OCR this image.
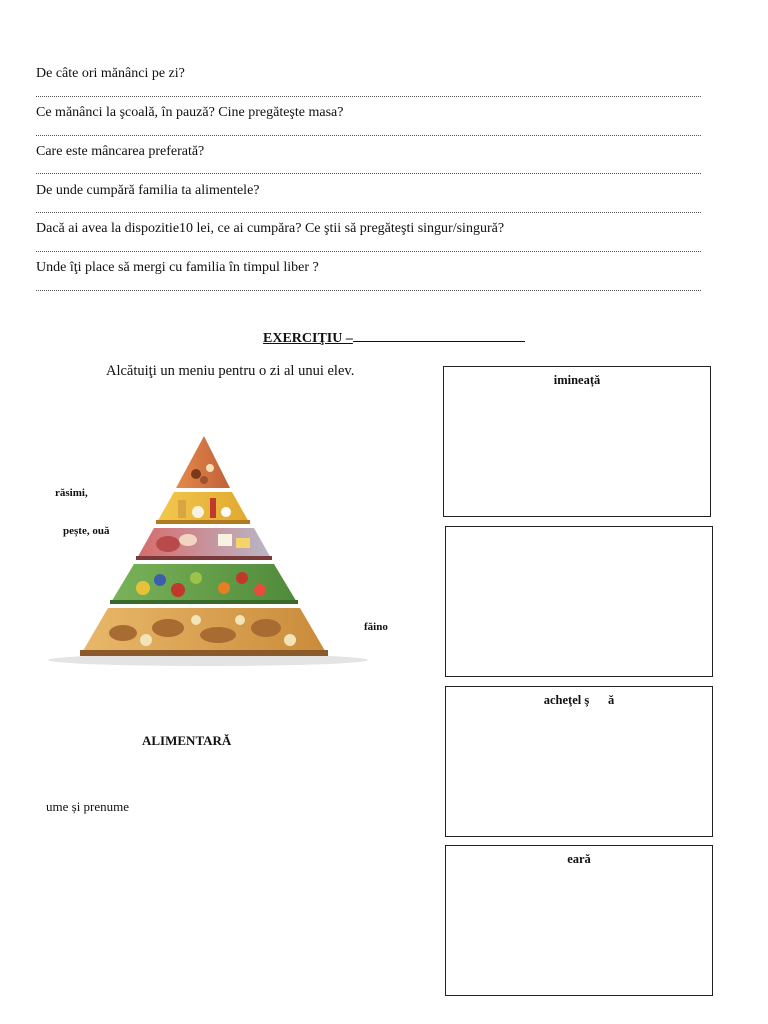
De câte ori mănânci pe zi?
Ce mănânci la şcoală, în pauză? Cine pregăteşte masa?
Care este mâncarea preferată?
De unde cumpără familia ta alimentele?
Dacă ai avea la dispozitie10 lei, ce ai cumpăra? Ce ştii să pregăteşti singur/singură?
Unde îţi place să mergi cu familia în timpul liber ?
EXERCIŢIU –
Alcătuiţi un meniu pentru o zi al unui elev.
răsimi,
pește, ouă
făino
imineață
acheţel ş      ă
eară
ALIMENTARĂ
ume și prenume
